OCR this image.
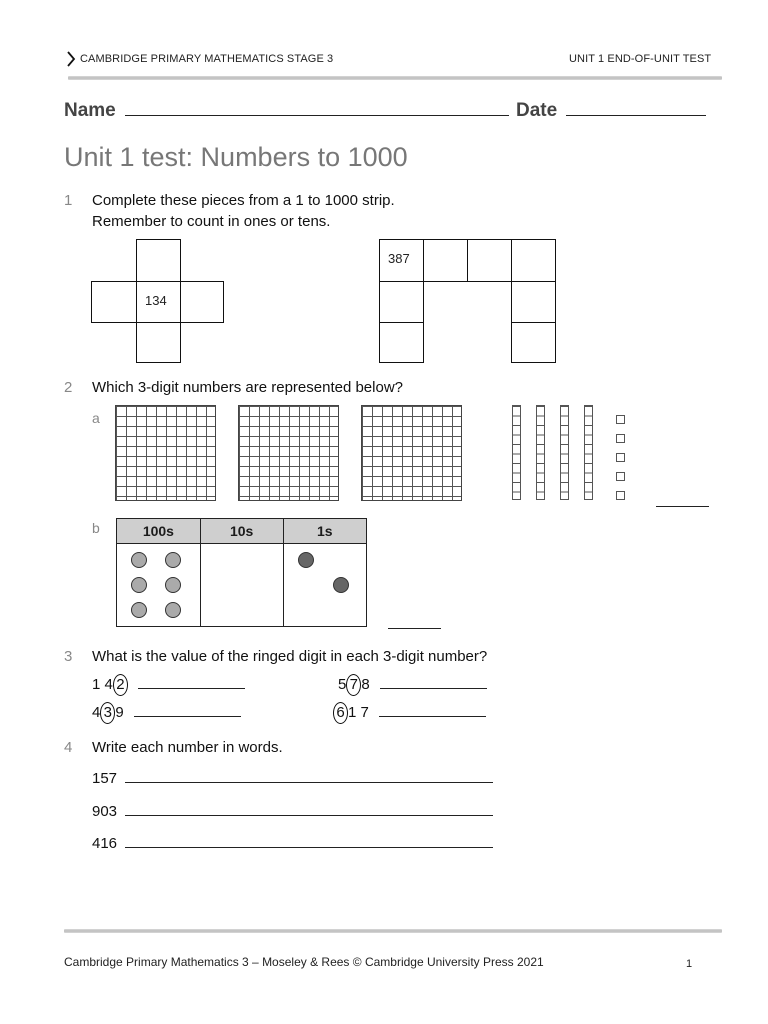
CAMBRIDGE PRIMARY MATHEMATICS STAGE 3	UNIT 1 END-OF-UNIT TEST
Name	Date
Unit 1 test: Numbers to 1000
1 Complete these pieces from a 1 to 1000 strip.
Remember to count in ones or tens.
134
387
2 Which 3-digit numbers are represented below?
a
b	100s	10s	1s

3 What is the value of the ringed digit in each 3-digit number?
1 4 2	5 7 8
4 3 9	6 1 7
4 Write each number in words.
157
903
416
Cambridge Primary Mathematics 3 – Moseley & Rees © Cambridge University Press 2021	1
